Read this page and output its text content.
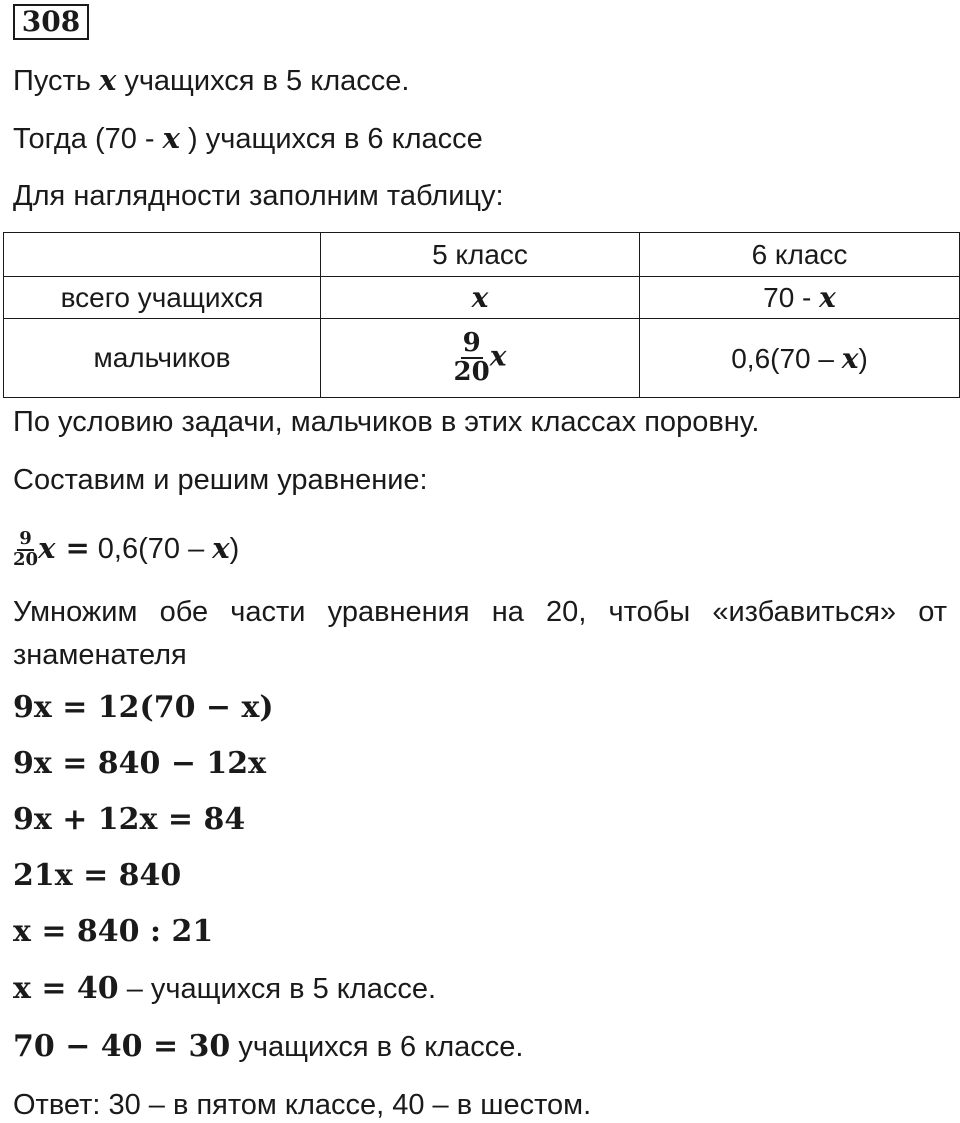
308
Пусть x учащихся в 5 классе.
Тогда (70 - x ) учащихся в 6 классе
Для наглядности заполним таблицу:
	5 класс	6 класс
всего учащихся	x	70 - x
мальчиков	$\frac{9}{20}$ x	0,6(70 – x)
По условию задачи, мальчиков в этих классах поровну.
Составим и решим уравнение:
$\frac{9}{20}$ x = 0,6(70 – x)
Умножим обе части уравнения на 20, чтобы «избавиться» от
знаменателя
9x = 12(70 − x)
9x = 840 − 12x
9x + 12x = 84
21x = 840
x = 840 : 21
x = 40 – учащихся в 5 классе.
70 − 40 = 30 учащихся в 6 классе.
Ответ: 30 – в пятом классе, 40 – в шестом.
